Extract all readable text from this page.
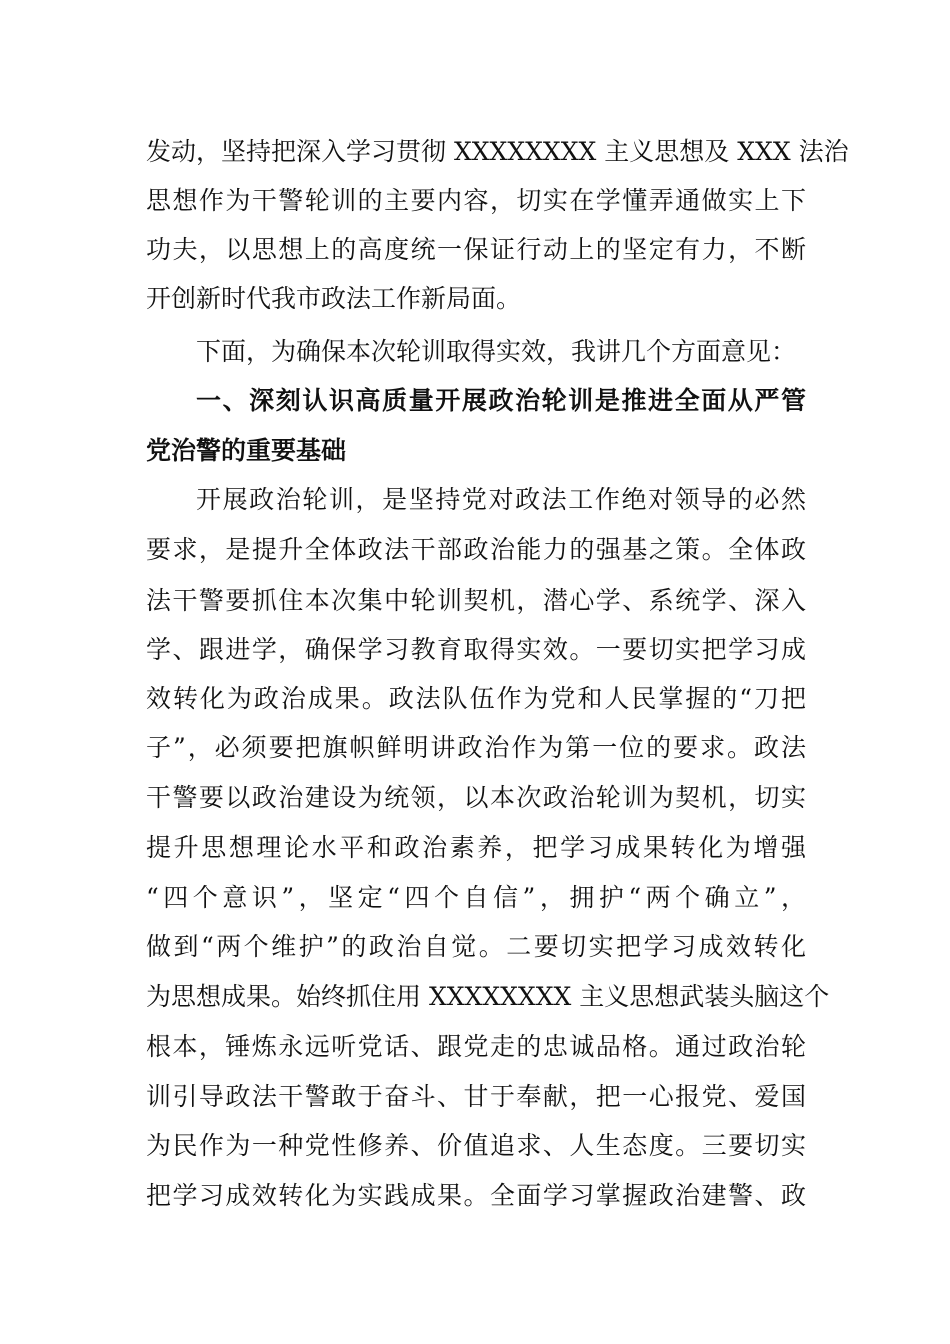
发动，坚持把深入学习贯彻 XXXXXXXX 主义思想及 XXX 法治
思想作为干警轮训的主要内容，切实在学懂弄通做实上下
功夫，以思想上的高度统一保证行动上的坚定有力，不断
开创新时代我市政法工作新局面。
下面，为确保本次轮训取得实效，我讲几个方面意见：
一、深刻认识高质量开展政治轮训是推进全面从严管
党治警的重要基础
开展政治轮训，是坚持党对政法工作绝对领导的必然
要求，是提升全体政法干部政治能力的强基之策。全体政
法干警要抓住本次集中轮训契机，潜心学、系统学、深入
学、跟进学，确保学习教育取得实效。一要切实把学习成
效转化为政治成果。政法队伍作为党和人民掌握的“刀把
子”，必须要把旗帜鲜明讲政治作为第一位的要求。政法
干警要以政治建设为统领，以本次政治轮训为契机，切实
提升思想理论水平和政治素养，把学习成果转化为增强
“四个意识”，坚定“四个自信”，拥护“两个确立”，
做到“两个维护”的政治自觉。二要切实把学习成效转化
为思想成果。始终抓住用 XXXXXXXX 主义思想武装头脑这个
根本，锤炼永远听党话、跟党走的忠诚品格。通过政治轮
训引导政法干警敢于奋斗、甘于奉献，把一心报党、爱国
为民作为一种党性修养、价值追求、人生态度。三要切实
把学习成效转化为实践成果。全面学习掌握政治建警、政
